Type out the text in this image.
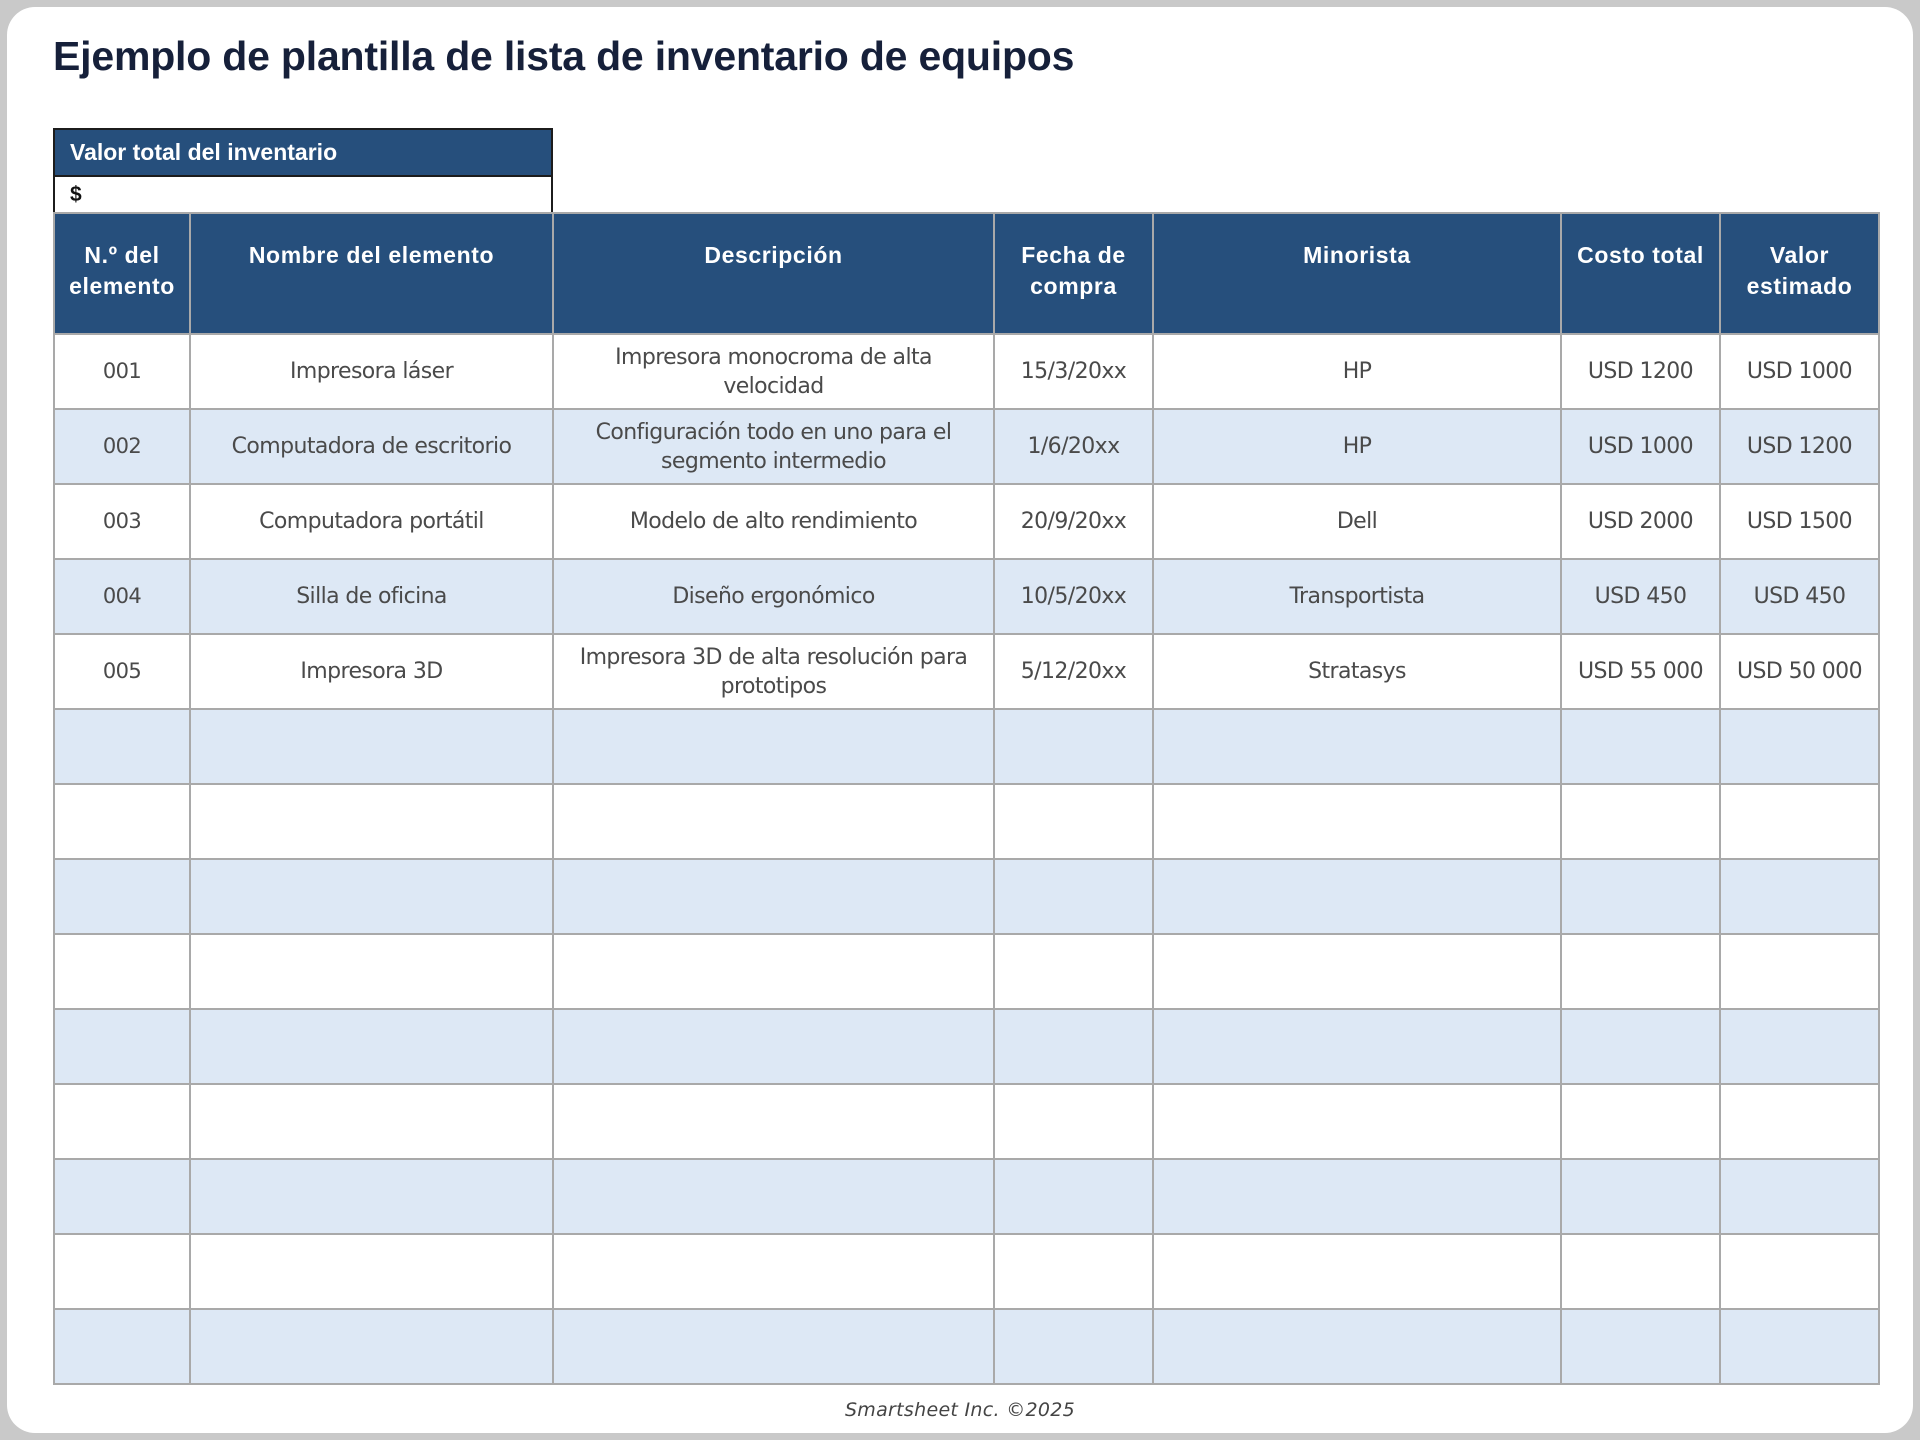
Ejemplo de plantilla de lista de inventario de equipos
Valor total del inventario
$
N.º del elemento	Nombre del elemento	Descripción	Fecha de compra	Minorista	Costo total	Valor estimado
001	Impresora láser	Impresora monocroma de alta velocidad	15/3/20xx	HP	USD 1200	USD 1000
002	Computadora de escritorio	Configuración todo en uno para el segmento intermedio	1/6/20xx	HP	USD 1000	USD 1200
003	Computadora portátil	Modelo de alto rendimiento	20/9/20xx	Dell	USD 2000	USD 1500
004	Silla de oficina	Diseño ergonómico	10/5/20xx	Transportista	USD 450	USD 450
005	Impresora 3D	Impresora 3D de alta resolución para prototipos	5/12/20xx	Stratasys	USD 55 000	USD 50 000

Smartsheet Inc. ©2025
